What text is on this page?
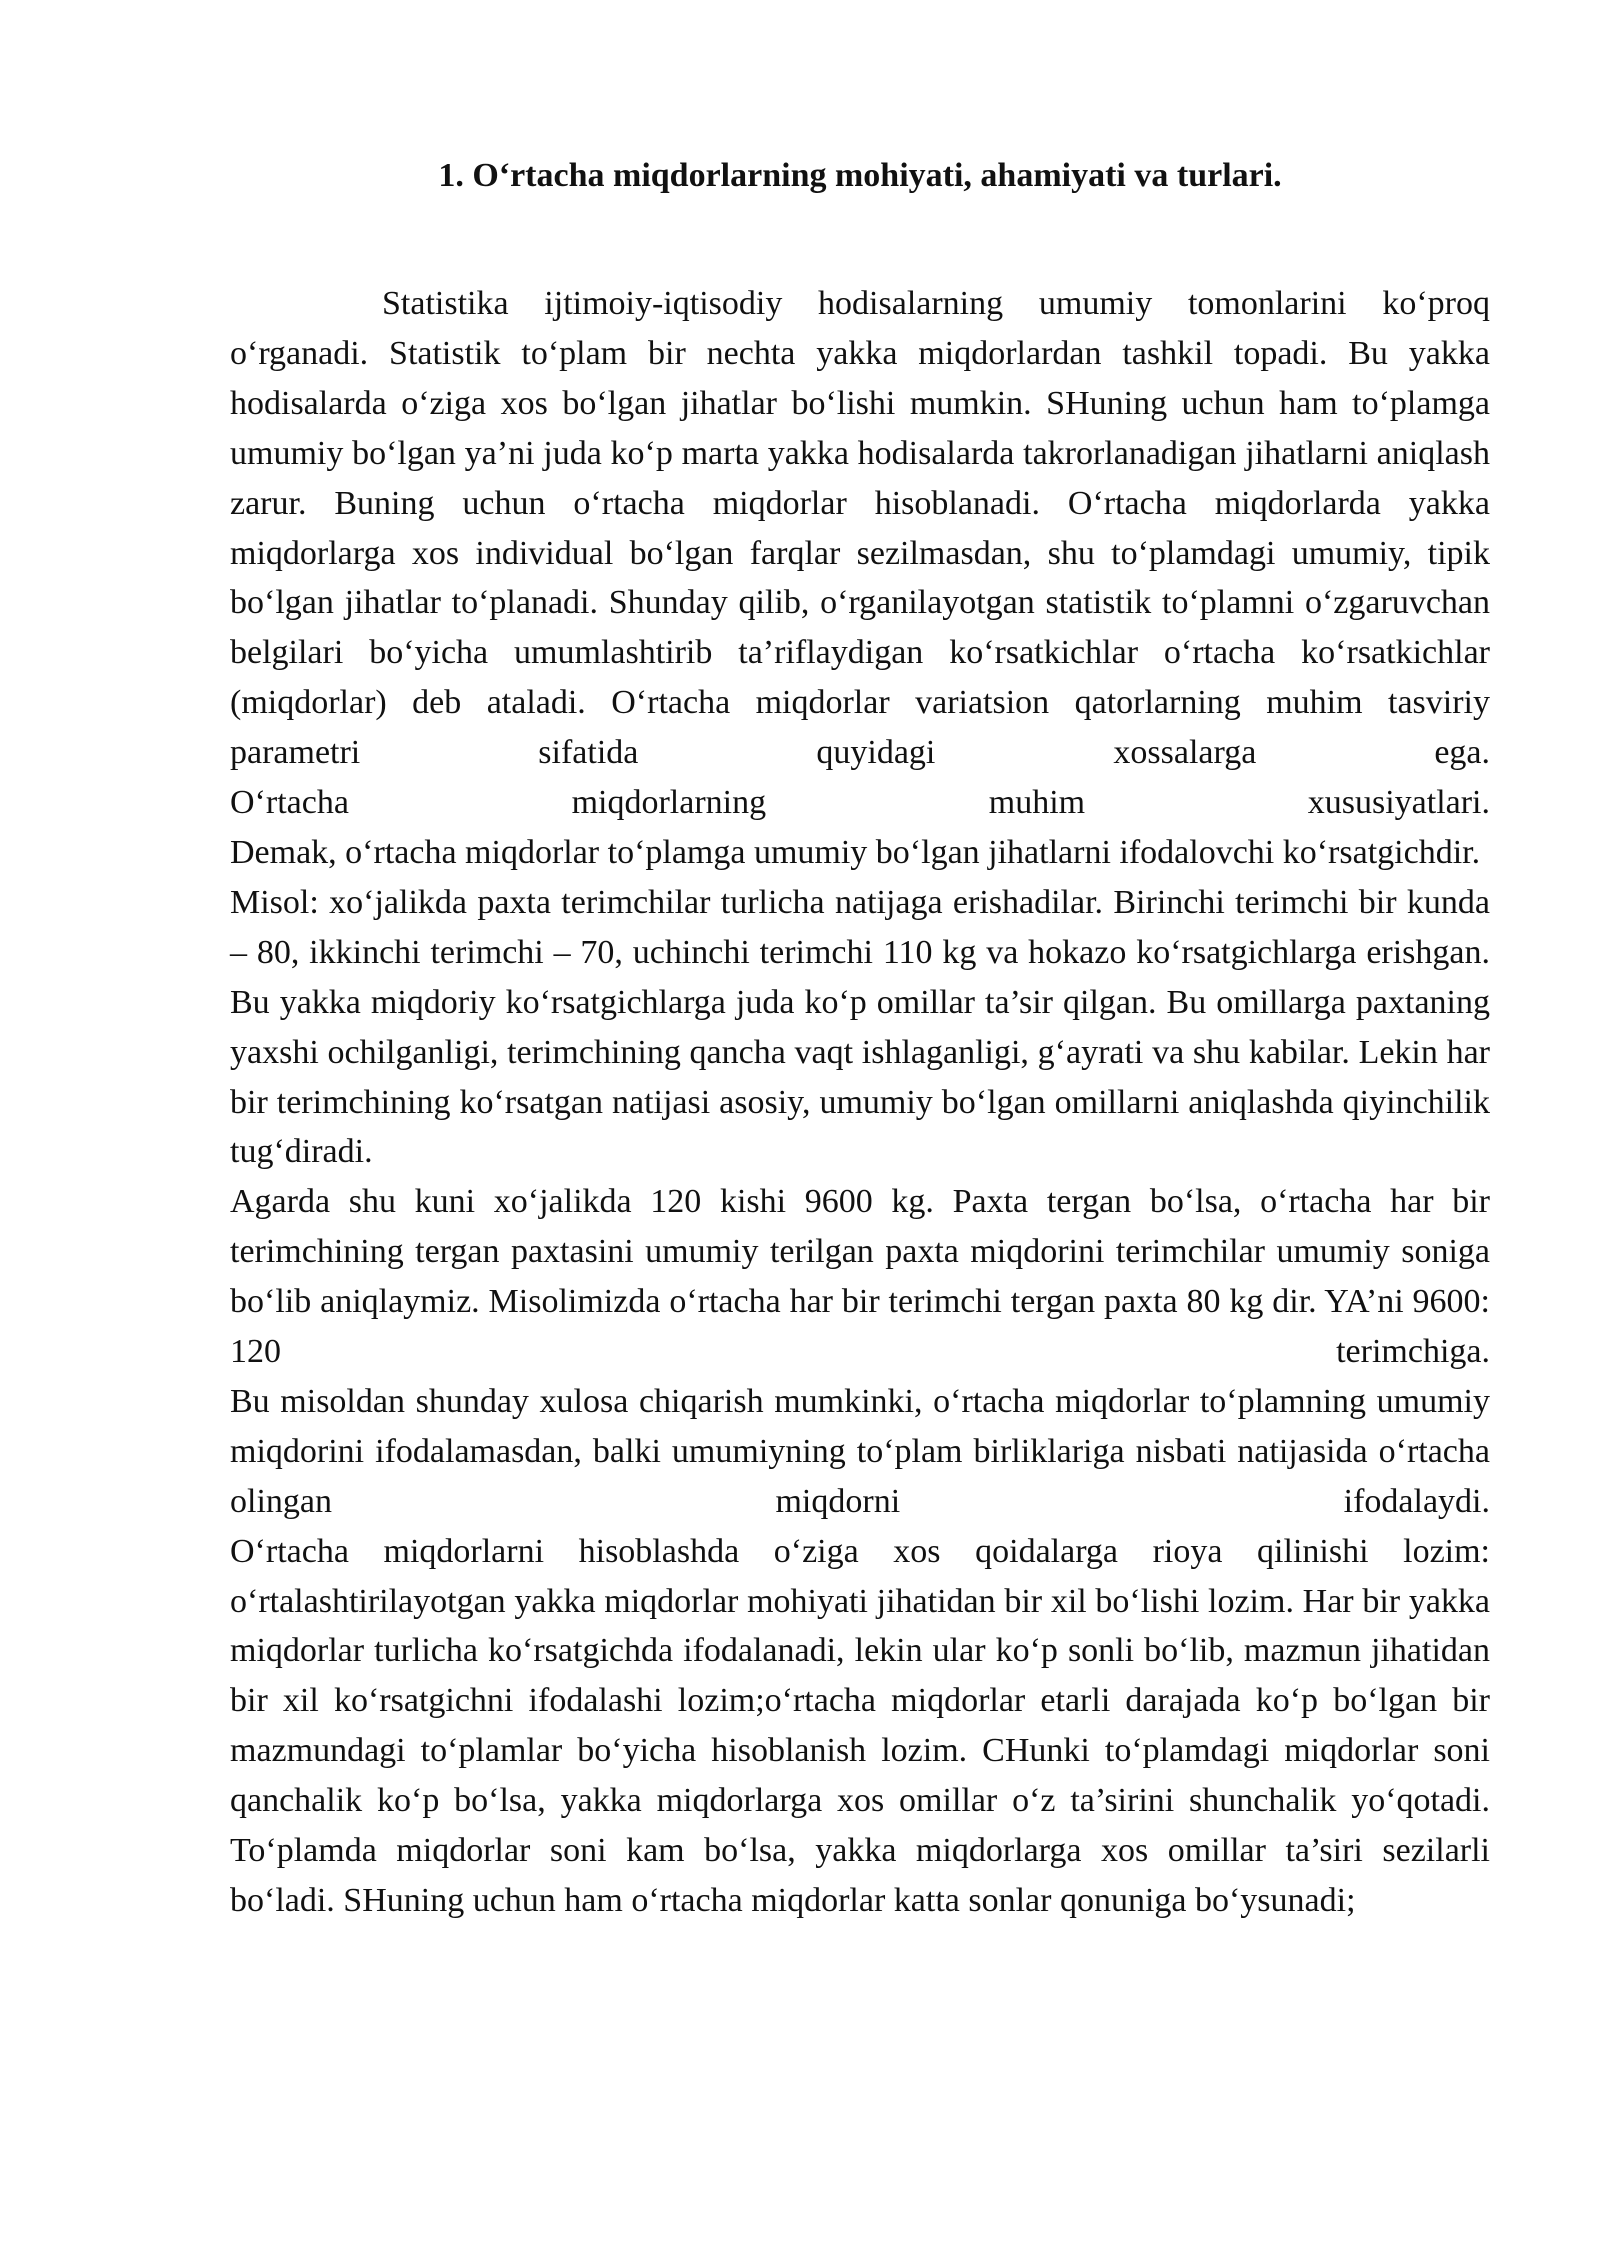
1. O‘rtacha miqdorlarning mohiyati, ahamiyati va turlari.

Statistika ijtimoiy-iqtisodiy hodisalarning umumiy tomonlarini ko‘proq o‘rganadi. Statistik to‘plam bir nechta yakka miqdorlardan tashkil topadi. Bu yakka hodisalarda o‘ziga xos bo‘lgan jihatlar bo‘lishi mumkin. SHuning uchun ham to‘plamga umumiy bo‘lgan ya’ni juda ko‘p marta yakka hodisalarda takrorlanadigan jihatlarni aniqlash zarur. Buning uchun o‘rtacha miqdorlar hisoblanadi. O‘rtacha miqdorlarda yakka miqdorlarga xos individual bo‘lgan farqlar sezilmasdan, shu to‘plamdagi umumiy, tipik bo‘lgan jihatlar to‘planadi. Shunday qilib, o‘rganilayotgan statistik to‘plamni o‘zgaruvchan belgilari bo‘yicha umumlashtirib ta’riflaydigan ko‘rsatkichlar o‘rtacha ko‘rsatkichlar (miqdorlar) deb ataladi. O‘rtacha miqdorlar variatsion qatorlarning muhim tasviriy parametri sifatida quyidagi xossalarga ega.

O‘rtacha miqdorlarning muhim xususiyatlari.

Demak, o‘rtacha miqdorlar to‘plamga umumiy bo‘lgan jihatlarni ifodalovchi ko‘rsatgichdir.

Misol: xo‘jalikda paxta terimchilar turlicha natijaga erishadilar. Birinchi terimchi bir kunda – 80, ikkinchi terimchi – 70, uchinchi terimchi 110 kg va hokazo ko‘rsatgichlarga erishgan. Bu yakka miqdoriy ko‘rsatgichlarga juda ko‘p omillar ta’sir qilgan. Bu omillarga paxtaning yaxshi ochilganligi, terimchining qancha vaqt ishlaganligi, g‘ayrati va shu kabilar. Lekin har bir terimchining ko‘rsatgan natijasi asosiy, umumiy bo‘lgan omillarni aniqlashda qiyinchilik tug‘diradi.

Agarda shu kuni xo‘jalikda 120 kishi 9600 kg. Paxta tergan bo‘lsa, o‘rtacha har bir terimchining tergan paxtasini umumiy terilgan paxta miqdorini terimchilar umumiy soniga bo‘lib aniqlaymiz. Misolimizda o‘rtacha har bir terimchi tergan paxta 80 kg dir. YA’ni 9600: 120 terimchiga.

Bu misoldan shunday xulosa chiqarish mumkinki, o‘rtacha miqdorlar to‘plamning umumiy miqdorini ifodalamasdan, balki umumiyning to‘plam birliklariga nisbati natijasida o‘rtacha olingan miqdorni ifodalaydi.

O‘rtacha miqdorlarni hisoblashda o‘ziga xos qoidalarga rioya qilinishi lozim: o‘rtalashtirilayotgan yakka miqdorlar mohiyati jihatidan bir xil bo‘lishi lozim. Har bir yakka miqdorlar turlicha ko‘rsatgichda ifodalanadi, lekin ular ko‘p sonli bo‘lib, mazmun jihatidan bir xil ko‘rsatgichni ifodalashi lozim;o‘rtacha miqdorlar etarli darajada ko‘p bo‘lgan bir mazmundagi to‘plamlar bo‘yicha hisoblanish lozim. CHunki to‘plamdagi miqdorlar soni qanchalik ko‘p bo‘lsa, yakka miqdorlarga xos omillar o‘z ta’sirini shunchalik yo‘qotadi. To‘plamda miqdorlar soni kam bo‘lsa, yakka miqdorlarga xos omillar ta’siri sezilarli bo‘ladi. SHuning uchun ham o‘rtacha miqdorlar katta sonlar qonuniga bo‘ysunadi;
